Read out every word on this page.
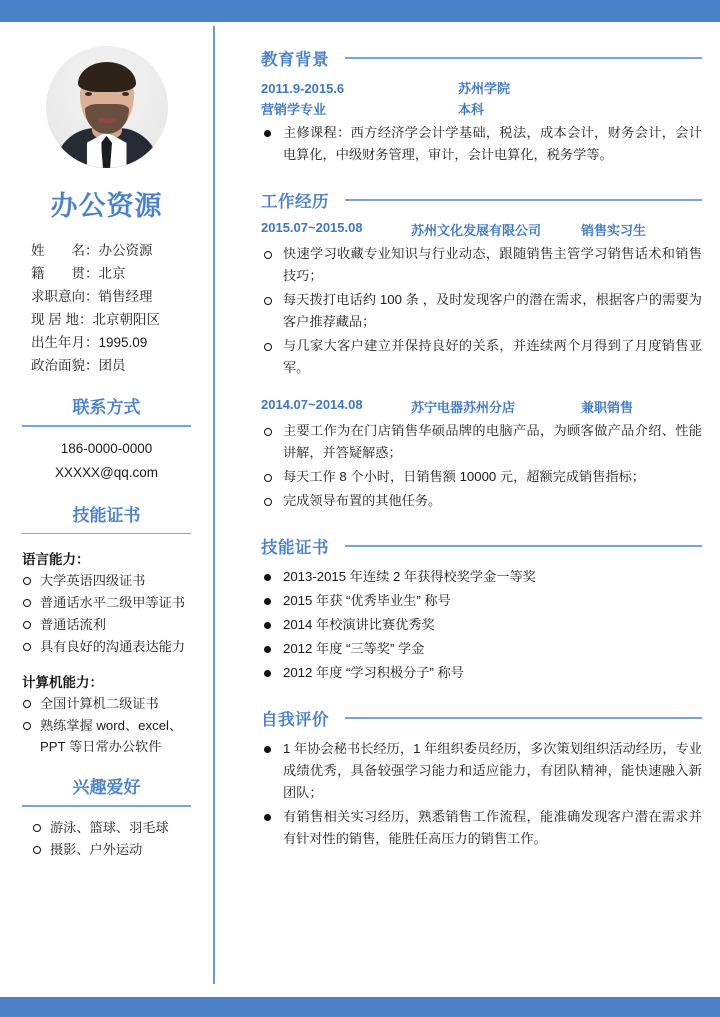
办公资源
姓　　名：办公资源
籍　　贯：北京
求职意向：销售经理
现 居 地：北京朝阳区
出生年月：1995.09
政治面貌：团员
联系方式
186-0000-0000
XXXXX@qq.com
技能证书
语言能力：
大学英语四级证书
普通话水平二级甲等证书
普通话流利
具有良好的沟通表达能力
计算机能力：
全国计算机二级证书
熟练掌握 word、excel、PPT 等日常办公软件
兴趣爱好
游泳、篮球、羽毛球
摄影、户外运动
教育背景
2011.9-2015.6	苏州学院
营销学专业	本科
主修课程：西方经济学会计学基础，税法，成本会计，财务会计，会计电算化，中级财务管理，审计，会计电算化，税务学等。
工作经历
2015.07~2015.08	苏州文化发展有限公司	销售实习生
快速学习收藏专业知识与行业动态，跟随销售主管学习销售话术和销售技巧；
每天拨打电话约 100 条 ，及时发现客户的潜在需求，根据客户的需要为客户推荐藏品；
与几家大客户建立并保持良好的关系，并连续两个月得到了月度销售亚军。
2014.07~2014.08	苏宁电器苏州分店	兼职销售
主要工作为在门店销售华硕品牌的电脑产品，为顾客做产品介绍、性能讲解，并答疑解惑；
每天工作 8 个小时，日销售额 10000 元，超额完成销售指标；
完成领导布置的其他任务。
技能证书
2013-2015 年连续 2 年获得校奖学金一等奖
2015 年获 “优秀毕业生” 称号
2014 年校演讲比赛优秀奖
2012 年度 “三等奖” 学金
2012 年度 “学习积极分子” 称号
自我评价
1 年协会秘书长经历，1 年组织委员经历，多次策划组织活动经历，专业成绩优秀，具备较强学习能力和适应能力，有团队精神，能快速融入新团队；
有销售相关实习经历，熟悉销售工作流程，能准确发现客户潜在需求并有针对性的销售，能胜任高压力的销售工作。
